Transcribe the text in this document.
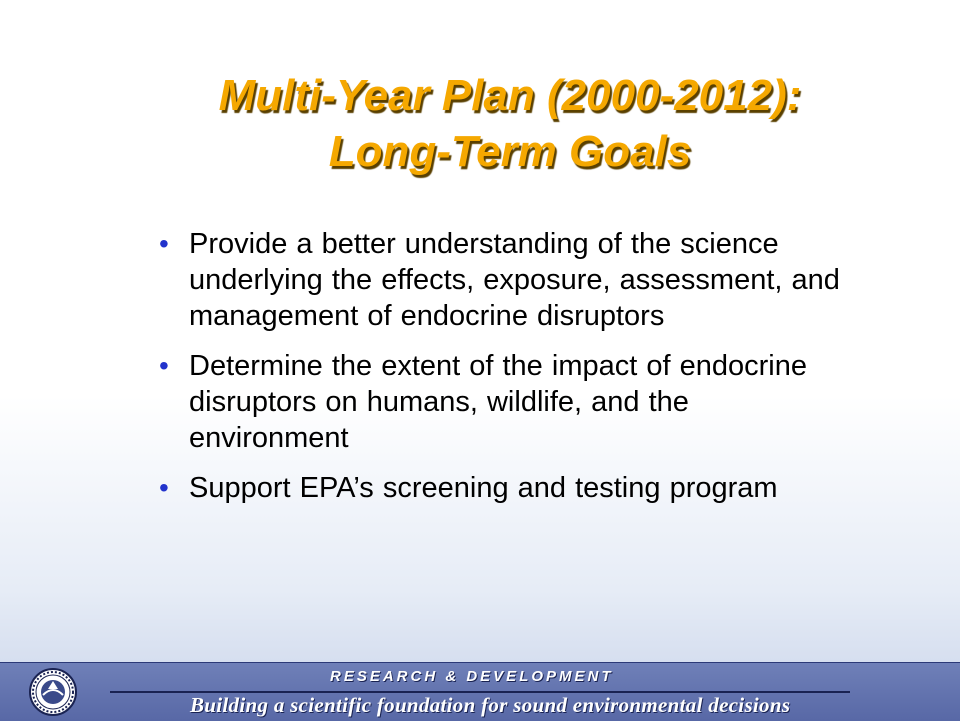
Multi-Year Plan (2000-2012):
Long-Term Goals
• Provide a better understanding of the science underlying the effects, exposure, assessment, and management of endocrine disruptors
• Determine the extent of the impact of endocrine disruptors on humans, wildlife, and the environment
• Support EPA’s screening and testing program
RESEARCH & DEVELOPMENT
Building a scientific foundation for sound environmental decisions
